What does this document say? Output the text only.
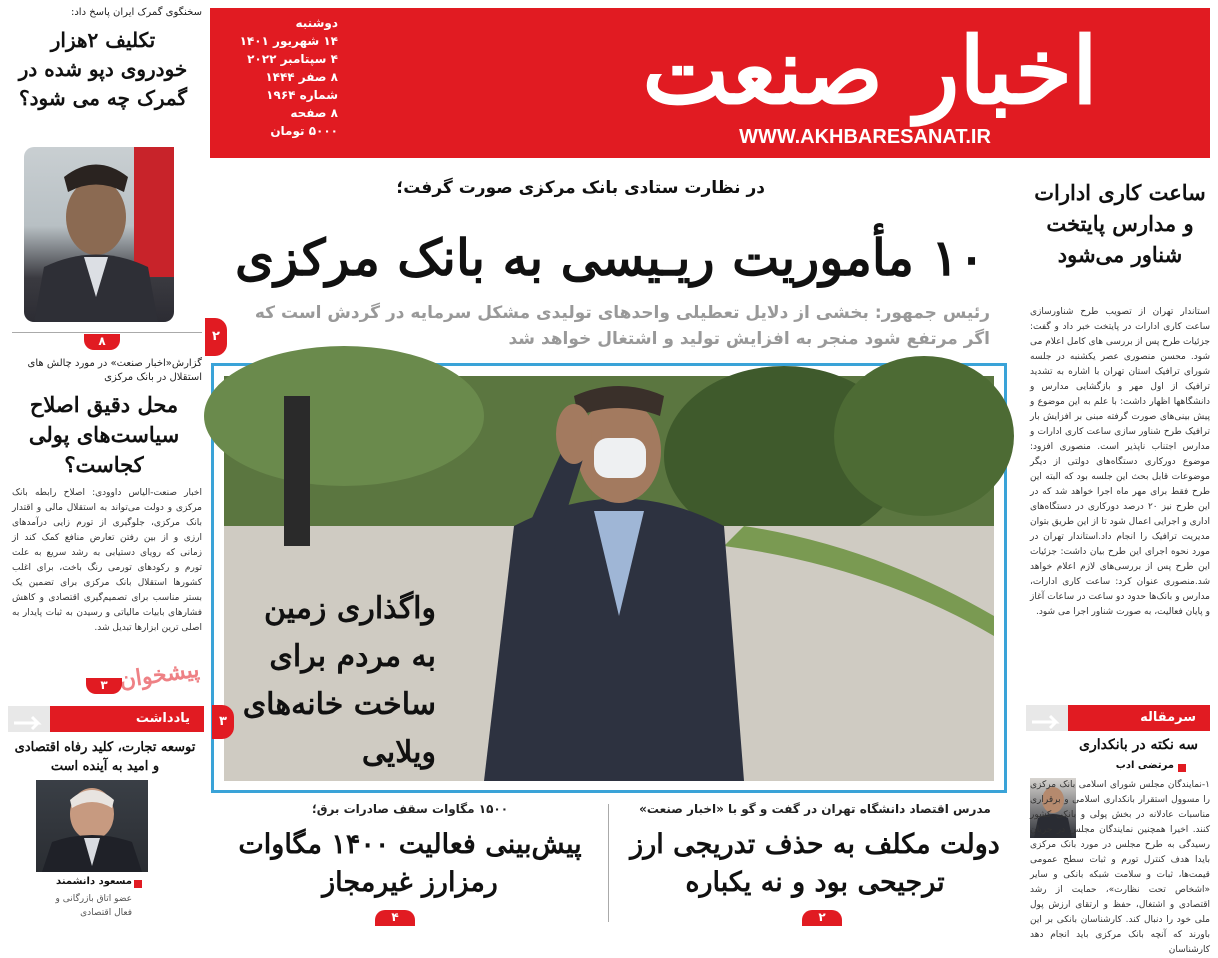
دوشنبه
۱۴ شهریور ۱۴۰۱
۴ سپتامبر ۲۰۲۲
۸ صفر ۱۴۴۴
شماره ۱۹۶۴
۸ صفحه
۵۰۰۰ تومان
اخبار صنعت
WWW.AKHBARESANAT.IR
سخنگوی گمرک ایران پاسخ داد:
تکلیف ۲هزار خودروی دپو شده در گمرک چه می شود؟
۸
گزارش«اخبار صنعت» در مورد چالش های استقلال در بانک مرکزی
محل دقیق اصلاح سیاست‌های پولی کجاست؟
اخبار صنعت-الیاس داوودی: اصلاح رابطه بانک مرکزی و دولت می‌تواند به استقلال مالی و اقتدار بانک مرکزی، جلوگیری از تورم زایی درآمدهای ارزی و از بین رفتن تعارض منافع کمک کند از زمانی که رویای دستیابی به رشد سریع به علت تورم و رکودهای تورمی رنگ باخت، برای اغلب کشورها استقلال بانک مرکزی برای تضمین یک بستر مناسب برای تصمیم‌گیری اقتصادی و کاهش فشارهای بابیات مالیاتی و رسیدن به ثبات پایدار به اصلی ترین ابزارها تبدیل شد.
۳ پیشخوان
یادداشت
توسعه تجارت، کلید رفاه اقتصادی و امید به آینده است
مسعود دانشمند
عضو اتاق بازرگانی و فعال اقتصادی
در نظارت ستادی بانک مرکزی صورت گرفت؛
۱۰ مأموریت ریـیسی به بانک مرکزی
رئیس جمهور: بخشی از دلایل تعطیلی واحدهای تولیدی مشکل سرمایه در گردش است که اگر مرتفع شود منجر به افزایش تولید و اشتغال خواهد شد
۲
واگذاری زمین به مردم برای ساخت خانه‌های ویلایی
۳
۱۵۰۰ مگاوات سقف صادرات برق؛
پیش‌بینی فعالیت ۱۴۰۰ مگاوات رمزارز غیرمجاز
۴
مدرس اقتصاد دانشگاه تهران در گفت و گو با «اخبار صنعت»
دولت مکلف به حذف تدریجی ارز ترجیحی بود و نه یکباره
۲
ساعت کاری ادارات و مدارس پایتخت شناور می‌شود
استاندار تهران از تصویب طرح شناورسازی ساعت کاری ادارات در پایتخت خبر داد و گفت: جزئیات طرح پس از بررسی های کامل اعلام می شود. محسن منصوری عصر یکشنبه در جلسه شورای ترافیک استان تهران با اشاره به تشدید ترافیک از اول مهر و بازگشایی مدارس و دانشگاهها اظهار داشت: با علم به این موضوع و پیش بینی‌های صورت گرفته مبنی بر افزایش بار ترافیک طرح شناور سازی ساعت کاری ادارات و مدارس اجتناب ناپذیر است. منصوری افزود: موضوع دورکاری دستگاه‌های دولتی از دیگر موضوعات قابل بحث این جلسه بود که البته این طرح فقط برای مهر ماه اجرا خواهد شد که در این طرح نیز ۲۰ درصد دورکاری در دستگاه‌های اداری و اجرایی اعمال شود تا از این طریق بتوان مدیریت ترافیک را انجام داد.استاندار تهران در مورد نحوه اجرای این طرح بیان داشت: جزئیات این طرح پس از بررسی‌های لازم اعلام خواهد شد.منصوری عنوان کرد: ساعت کاری ادارات، مدارس و بانک‌ها حدود دو ساعت در ساعات آغاز و پایان فعالیت، به صورت شناور اجرا می شود.
سرمقاله
سه نکته در بانکداری
مرتضی ادب
۱-نمایندگان مجلس شورای اسلامی بانک مرکزی را مسوول استقرار بانکداری اسلامی و برقراری مناسبات عادلانه در بخش پولی و بانکی کشور کنند. اخیرا همچنین نمایندگان مجلس در جریان رسیدگی به طرح مجلس در مورد بانک مرکزی بایدا هدف کنترل تورم و ثبات سطح عمومی قیمت‌ها، ثبات و سلامت شبکه بانکی و سایر «اشخاص تحت نظارت»، حمایت از رشد اقتصادی و اشتغال، حفظ و ارتقای ارزش پول ملی خود را دنبال کند. کارشناسان بانکی بر این باورند که آنچه بانک مرکزی باید انجام دهد کارشناسان
